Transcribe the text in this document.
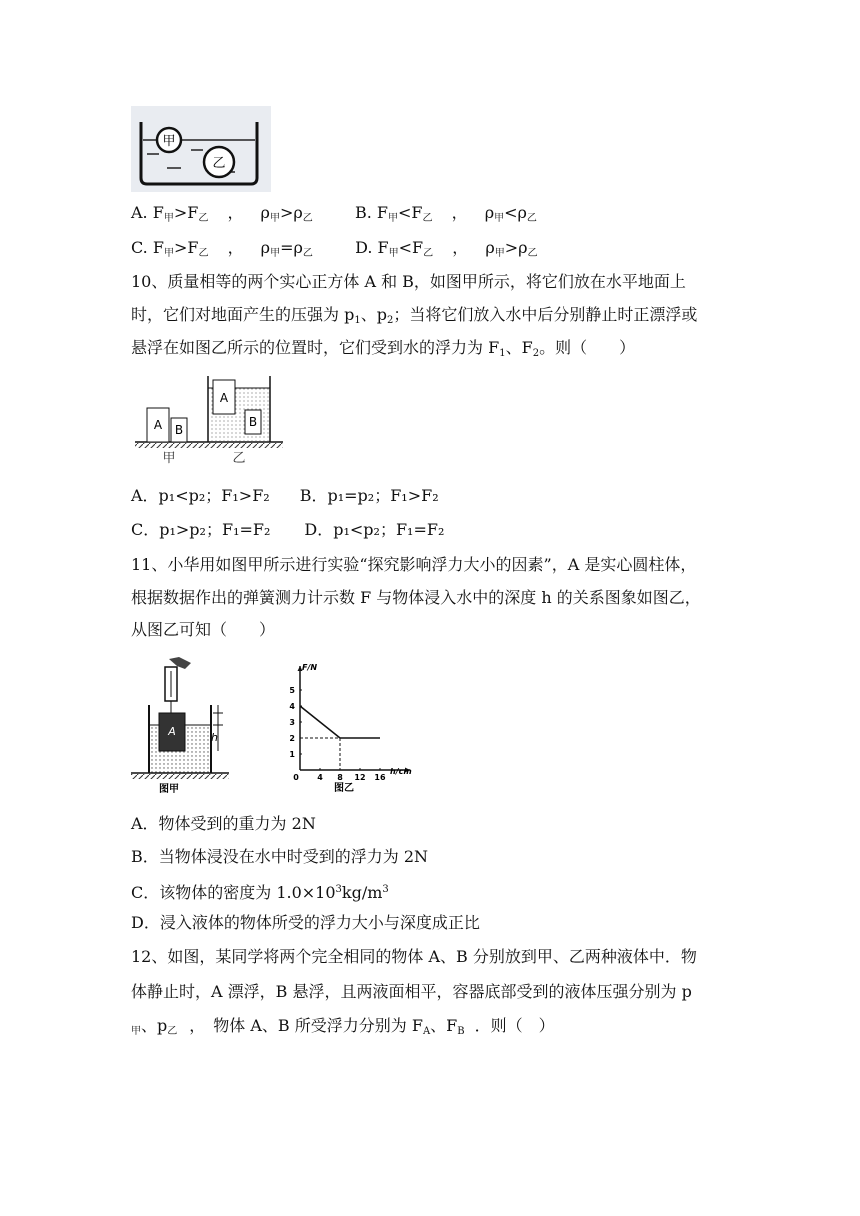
甲
乙
A. $F_甲>F_乙$ ， $\rho_甲>\rho_乙$	B. $F_甲<F_乙$ ， $\rho_甲<\rho_乙$
C. $F_甲>F_乙$ ， $\rho_甲=\rho_乙$	D. $F_甲<F_乙$ ， $\rho_甲>\rho_乙$
10、质量相等的两个实心正方体 A 和 B，如图甲所示，将它们放在水平地面上
时，它们对地面产生的压强为 $p_1$、$p_2$；当将它们放入水中后分别静止时正漂浮或
悬浮在如图乙所示的位置时，它们受到水的浮力为 $F_1$、$F_2$。则（　　）
A B
A
B
甲	乙
A．p₁<p₂；F₁>F₂ B．p₁=p₂；F₁>F₂
C．p₁>p₂；F₁=F₂ D．p₁<p₂；F₁=F₂
11、小华用如图甲所示进行实验“探究影响浮力大小的因素”，A 是实心圆柱体，
根据数据作出的弹簧测力计示数 F 与物体浸入水中的深度 h 的关系图象如图乙，
从图乙可知（　　）
A	h
图甲
0 4 8 12 16
1
2
3
4
5
F/N
h/cm
图乙
A．物体受到的重力为 2N
B．当物体浸没在水中时受到的浮力为 2N
C．该物体的密度为 $1.0\times 10^3kg/m^3$
D．浸入液体的物体所受的浮力大小与深度成正比
12、如图，某同学将两个完全相同的物体 A、B 分别放到甲、乙两种液体中．物
体静止时，A 漂浮，B 悬浮，且两液面相平，容器底部受到的液体压强分别为 p
$_甲$、$p_乙$ ，　物体 A、B 所受浮力分别为 $F_A$、$F_B$ ．则（　）
